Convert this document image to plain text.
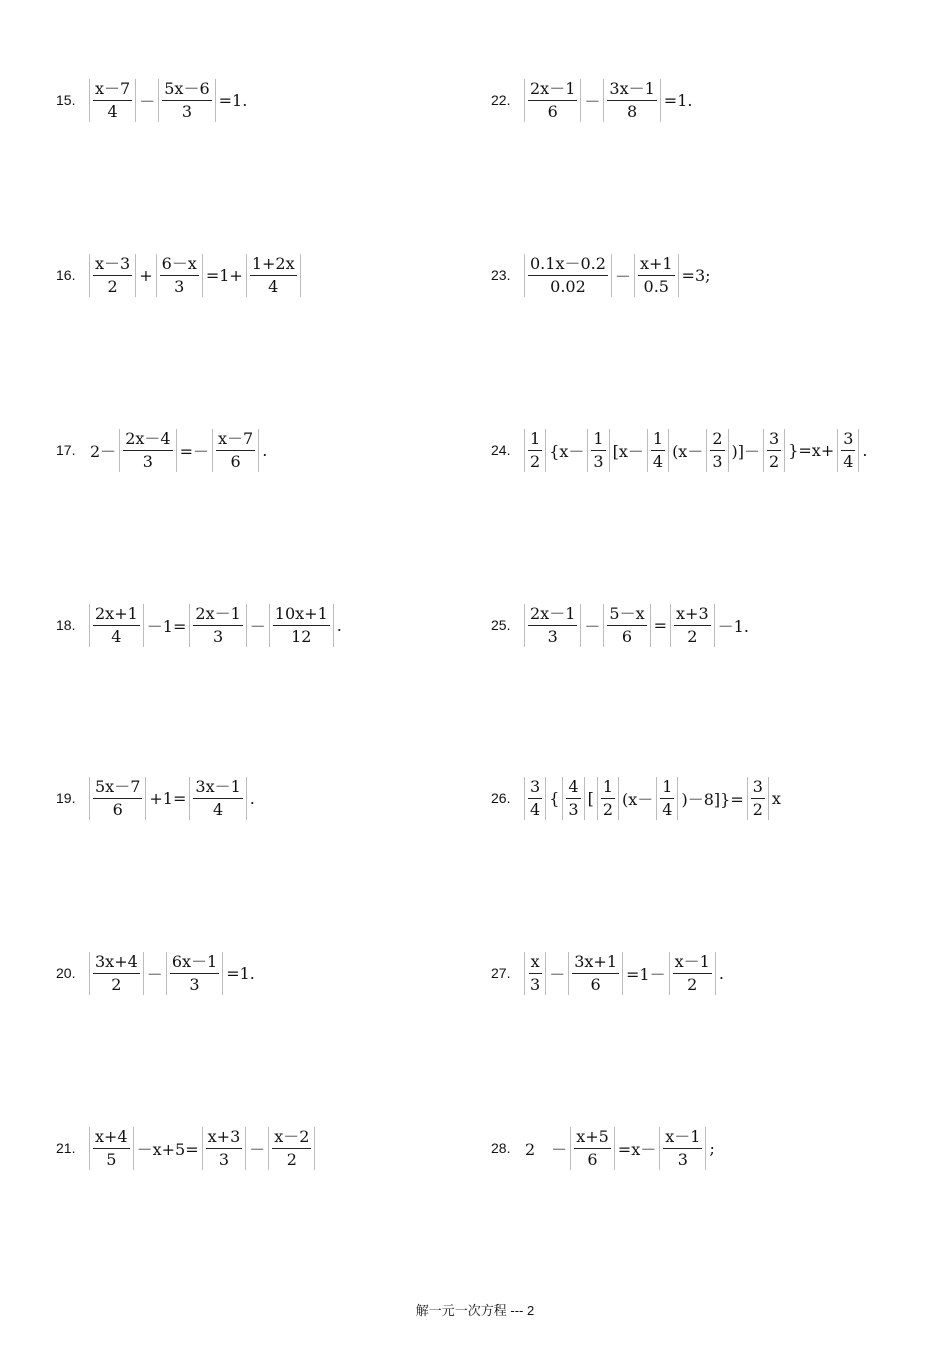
15. $\frac{x-7}{4} - \frac{5x-6}{3} =1$.
16. $\frac{x-3}{2} + \frac{6-x}{3} =1+ \frac{1+2x}{4}$
17. $2- \frac{2x-4}{3} =- \frac{x-7}{6}$ .
18. $\frac{2x+1}{4} -1= \frac{2x-1}{3} - \frac{10x+1}{12}$ .
19. $\frac{5x-7}{6} +1= \frac{3x-1}{4}$ .
20. $\frac{3x+4}{2} - \frac{6x-1}{3} =1$.
21. $\frac{x+4}{5} -x+5= \frac{x+3}{3} - \frac{x-2}{2}$
22. $\frac{2x-1}{6} - \frac{3x-1}{8} =1$.
23. $\frac{0.1x-0.2}{0.02} - \frac{x+1}{0.5} =3$;
24. $\frac{1}{2} \{x- \frac{1}{3} [x- \frac{1}{4} (x- \frac{2}{3}$ )]－ $\frac{3}{2} \}=x+ \frac{3}{4}$ .
25. $\frac{2x-1}{3} - \frac{5-x}{6} = \frac{x+3}{2} -1$.
26. $\frac{3}{4}$ { $\frac{4}{3}$ [ $\frac{1}{2} (x- \frac{1}{4} )-8]\}= \frac{3}{2}$ x
27. $\frac{x}{3} - \frac{3x+1}{6} =1- \frac{x-1}{2}$ .
28. 2　－ $\frac{x+5}{6} =x- \frac{x-1}{3}$ ;
解一元一次方程 --- 2
